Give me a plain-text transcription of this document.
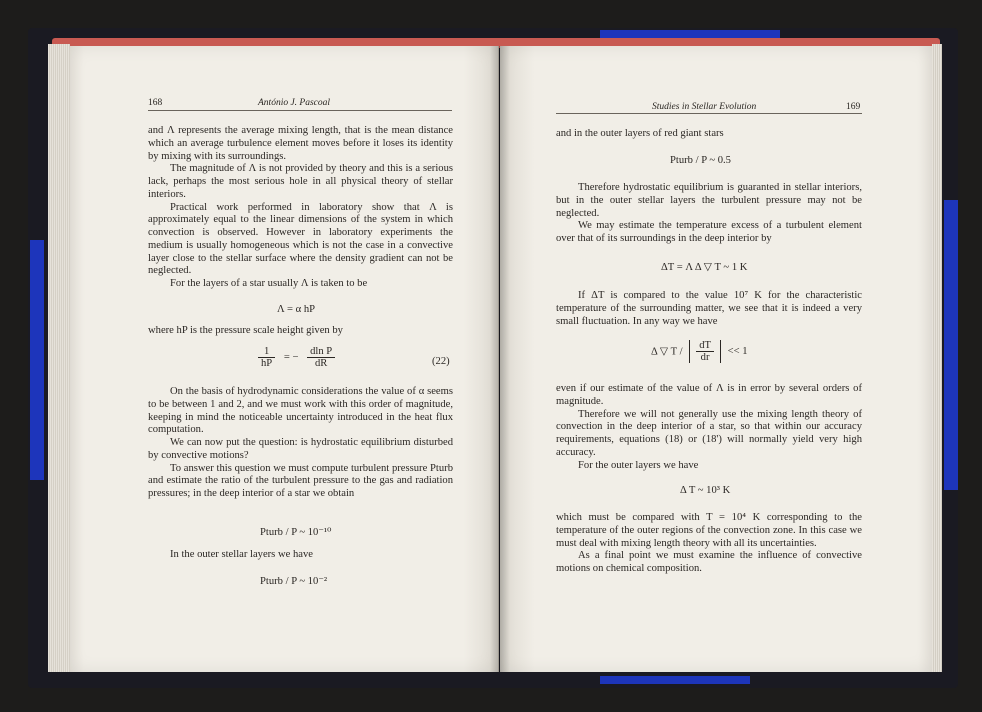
168	António J. Pascoal

and Λ represents the average mixing length, that is the mean distance which an average turbulence element moves before it loses its identity by mixing with its surroundings.

The magnitude of Λ is not provided by theory and this is a serious lack, perhaps the most serious hole in all physical theory of stellar interiors.

Practical work performed in laboratory show that Λ is approximately equal to the linear dimensions of the system in which convection is observed. However in laboratory experiments the medium is usually homogeneous which is not the case in a convective layer close to the stellar surface where the density gradient can not be neglected.

For the layers of a star usually Λ is taken to be

Λ = α hP

where hP is the pressure scale height given by

$\frac{1}{hP}$ = − $\frac{\text{dln P}}{dR}$	(22)

On the basis of hydrodynamic considerations the value of α seems to be between 1 and 2, and we must work with this order of magnitude, keeping in mind the noticeable uncertainty introduced in the heat flux computation.

We can now put the question: is hydrostatic equilibrium disturbed by convective motions?

To answer this question we must compute turbulent pressure Pturb and estimate the ratio of the turbulent pressure to the gas and radiation pressures; in the deep interior of a star we obtain

Pturb / P ~ 10⁻¹⁰

In the outer stellar layers we have

Pturb / P ~ 10⁻²
Studies in Stellar Evolution	169

and in the outer layers of red giant stars

Pturb / P ~ 0.5

Therefore hydrostatic equilibrium is guaranted in stellar interiors, but in the outer stellar layers the turbulent pressure may not be neglected.

We may estimate the temperature excess of a turbulent element over that of its surroundings in the deep interior by

ΔT = Λ Δ ▽ T ~ 1 K

If ΔT is compared to the value 10⁷ K for the characteristic temperature of the surrounding matter, we see that it is indeed a very small fluctuation. In any way we have

Δ ▽ $T / \frac{dT}{dr} << 1$

even if our estimate of the value of Λ is in error by several orders of magnitude.

Therefore we will not generally use the mixing length theory of convection in the deep interior of a star, so that within our accuracy requirements, equations (18) or (18') will normally yield very high accuracy.

For the outer layers we have

Δ T ~ 10³ K

which must be compared with T = 10⁴ K corresponding to the temperature of the outer regions of the convection zone. In this case we must deal with mixing length theory with all its uncertainties.

As a final point we must examine the influence of convective motions on chemical composition.
